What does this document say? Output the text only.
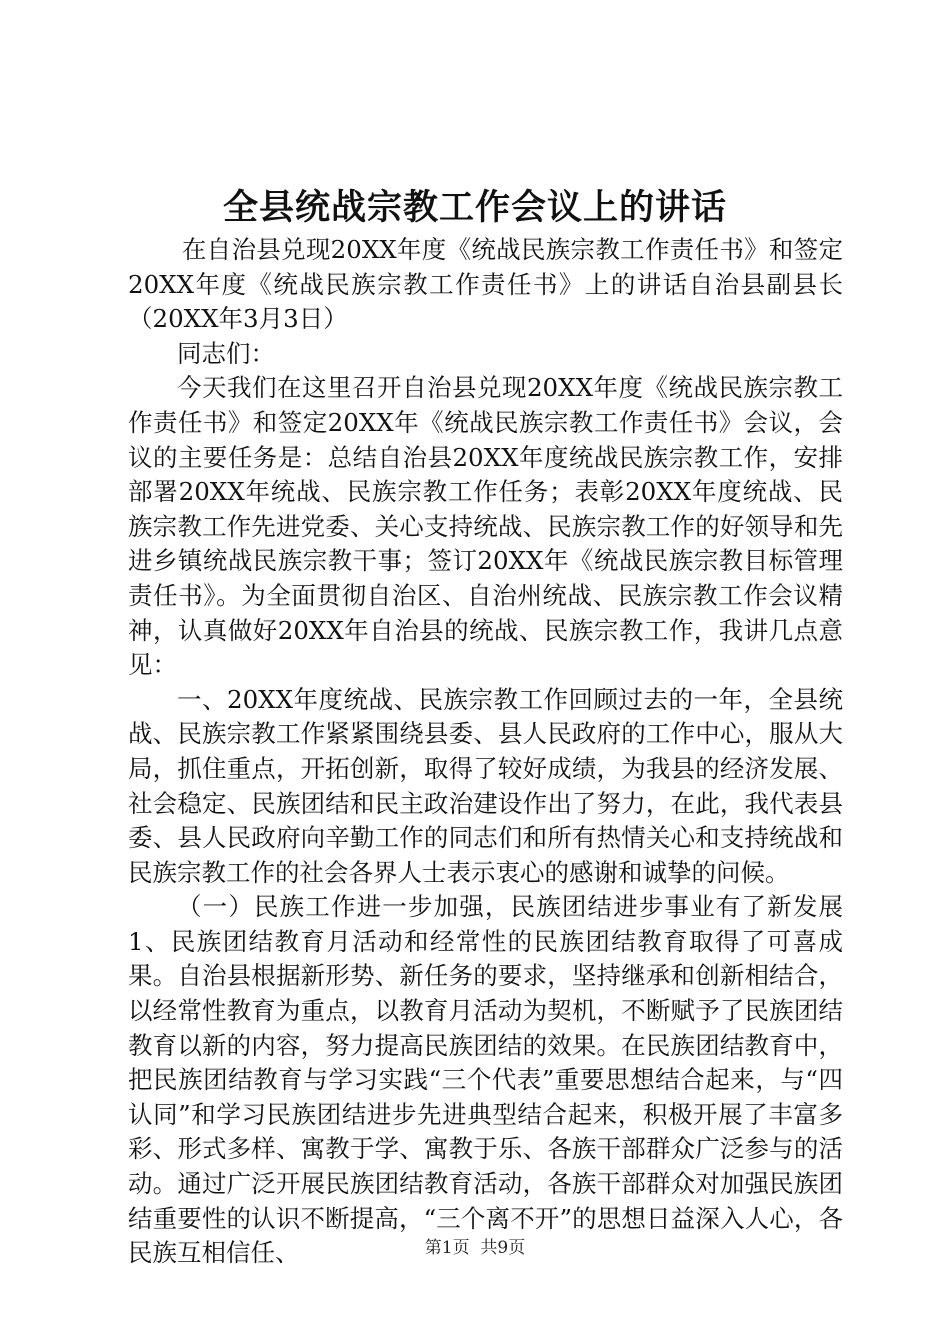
全县统战宗教工作会议上的讲话

在自治县兑现20XX年度《统战民族宗教工作责任书》和签定20XX年度《统战民族宗教工作责任书》上的讲话自治县副县长（20XX年3月3日）

同志们：

今天我们在这里召开自治县兑现20XX年度《统战民族宗教工作责任书》和签定20XX年《统战民族宗教工作责任书》会议，会议的主要任务是：总结自治县20XX年度统战民族宗教工作，安排部署20XX年统战、民族宗教工作任务；表彰20XX年度统战、民族宗教工作先进党委、关心支持统战、民族宗教工作的好领导和先进乡镇统战民族宗教干事；签订20XX年《统战民族宗教目标管理责任书》。为全面贯彻自治区、自治州统战、民族宗教工作会议精神，认真做好20XX年自治县的统战、民族宗教工作，我讲几点意见：

一、20XX年度统战、民族宗教工作回顾过去的一年，全县统战、民族宗教工作紧紧围绕县委、县人民政府的工作中心，服从大局，抓住重点，开拓创新，取得了较好成绩，为我县的经济发展、社会稳定、民族团结和民主政治建设作出了努力，在此，我代表县委、县人民政府向辛勤工作的同志们和所有热情关心和支持统战和民族宗教工作的社会各界人士表示衷心的感谢和诚挚的问候。

（一）民族工作进一步加强，民族团结进步事业有了新发展1、民族团结教育月活动和经常性的民族团结教育取得了可喜成果。自治县根据新形势、新任务的要求，坚持继承和创新相结合，以经常性教育为重点，以教育月活动为契机，不断赋予了民族团结教育以新的内容，努力提高民族团结的效果。在民族团结教育中，把民族团结教育与学习实践“三个代表”重要思想结合起来，与“四认同”和学习民族团结进步先进典型结合起来，积极开展了丰富多彩、形式多样、寓教于学、寓教于乐、各族干部群众广泛参与的活动。通过广泛开展民族团结教育活动，各族干部群众对加强民族团结重要性的认识不断提高，“三个离不开”的思想日益深入人心，各民族互相信任、	第1页 共9页
